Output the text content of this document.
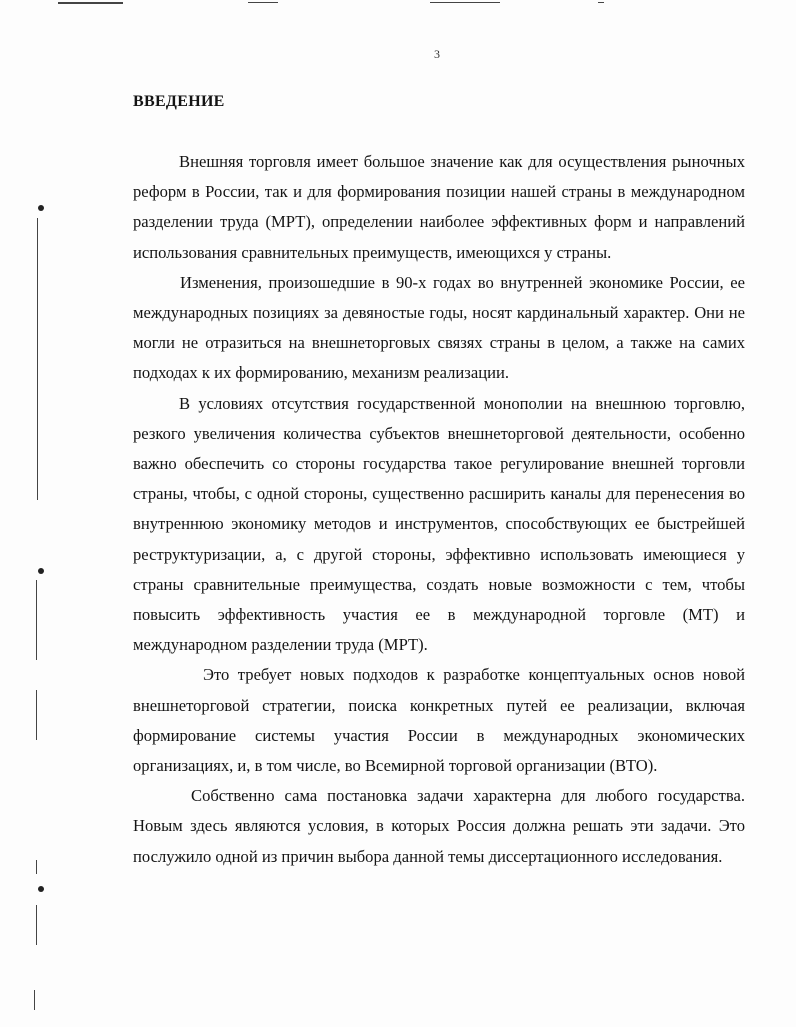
3
ВВЕДЕНИЕ

Внешняя торговля имеет большое значение как для осуществления рыночных реформ в России, так и для формирования позиции нашей страны в международном разделении труда (МРТ), определении наиболее эффективных форм и направлений использования сравнительных преимуществ, имеющихся у страны.

Изменения, произошедшие в 90-х годах во внутренней экономике России, ее международных позициях за девяностые годы, носят кардинальный характер. Они не могли не отразиться на внешнеторговых связях страны в целом, а также на самих подходах к их формированию, механизм реализации.

В условиях отсутствия государственной монополии на внешнюю торговлю, резкого увеличения количества субъектов внешнеторговой деятельности, особенно важно обеспечить со стороны государства такое регулирование внешней торговли страны, чтобы, с одной стороны, существенно расширить каналы для перенесения во внутреннюю экономику методов и инструментов, способствующих ее быстрейшей реструктуризации, а, с другой стороны, эффективно использовать имеющиеся у страны сравнительные преимущества, создать новые возможности с тем, чтобы повысить эффективность участия ее в международной торговле (МТ) и международном разделении труда (МРТ).

Это требует новых подходов к разработке концептуальных основ новой внешнеторговой стратегии, поиска конкретных путей ее реализации, включая формирование системы участия России в международных экономических организациях, и, в том числе, во Всемирной торговой организации (ВТО).

Собственно сама постановка задачи характерна для любого государства. Новым здесь являются условия, в которых Россия должна решать эти задачи. Это послужило одной из причин выбора данной темы диссертационного исследования.
